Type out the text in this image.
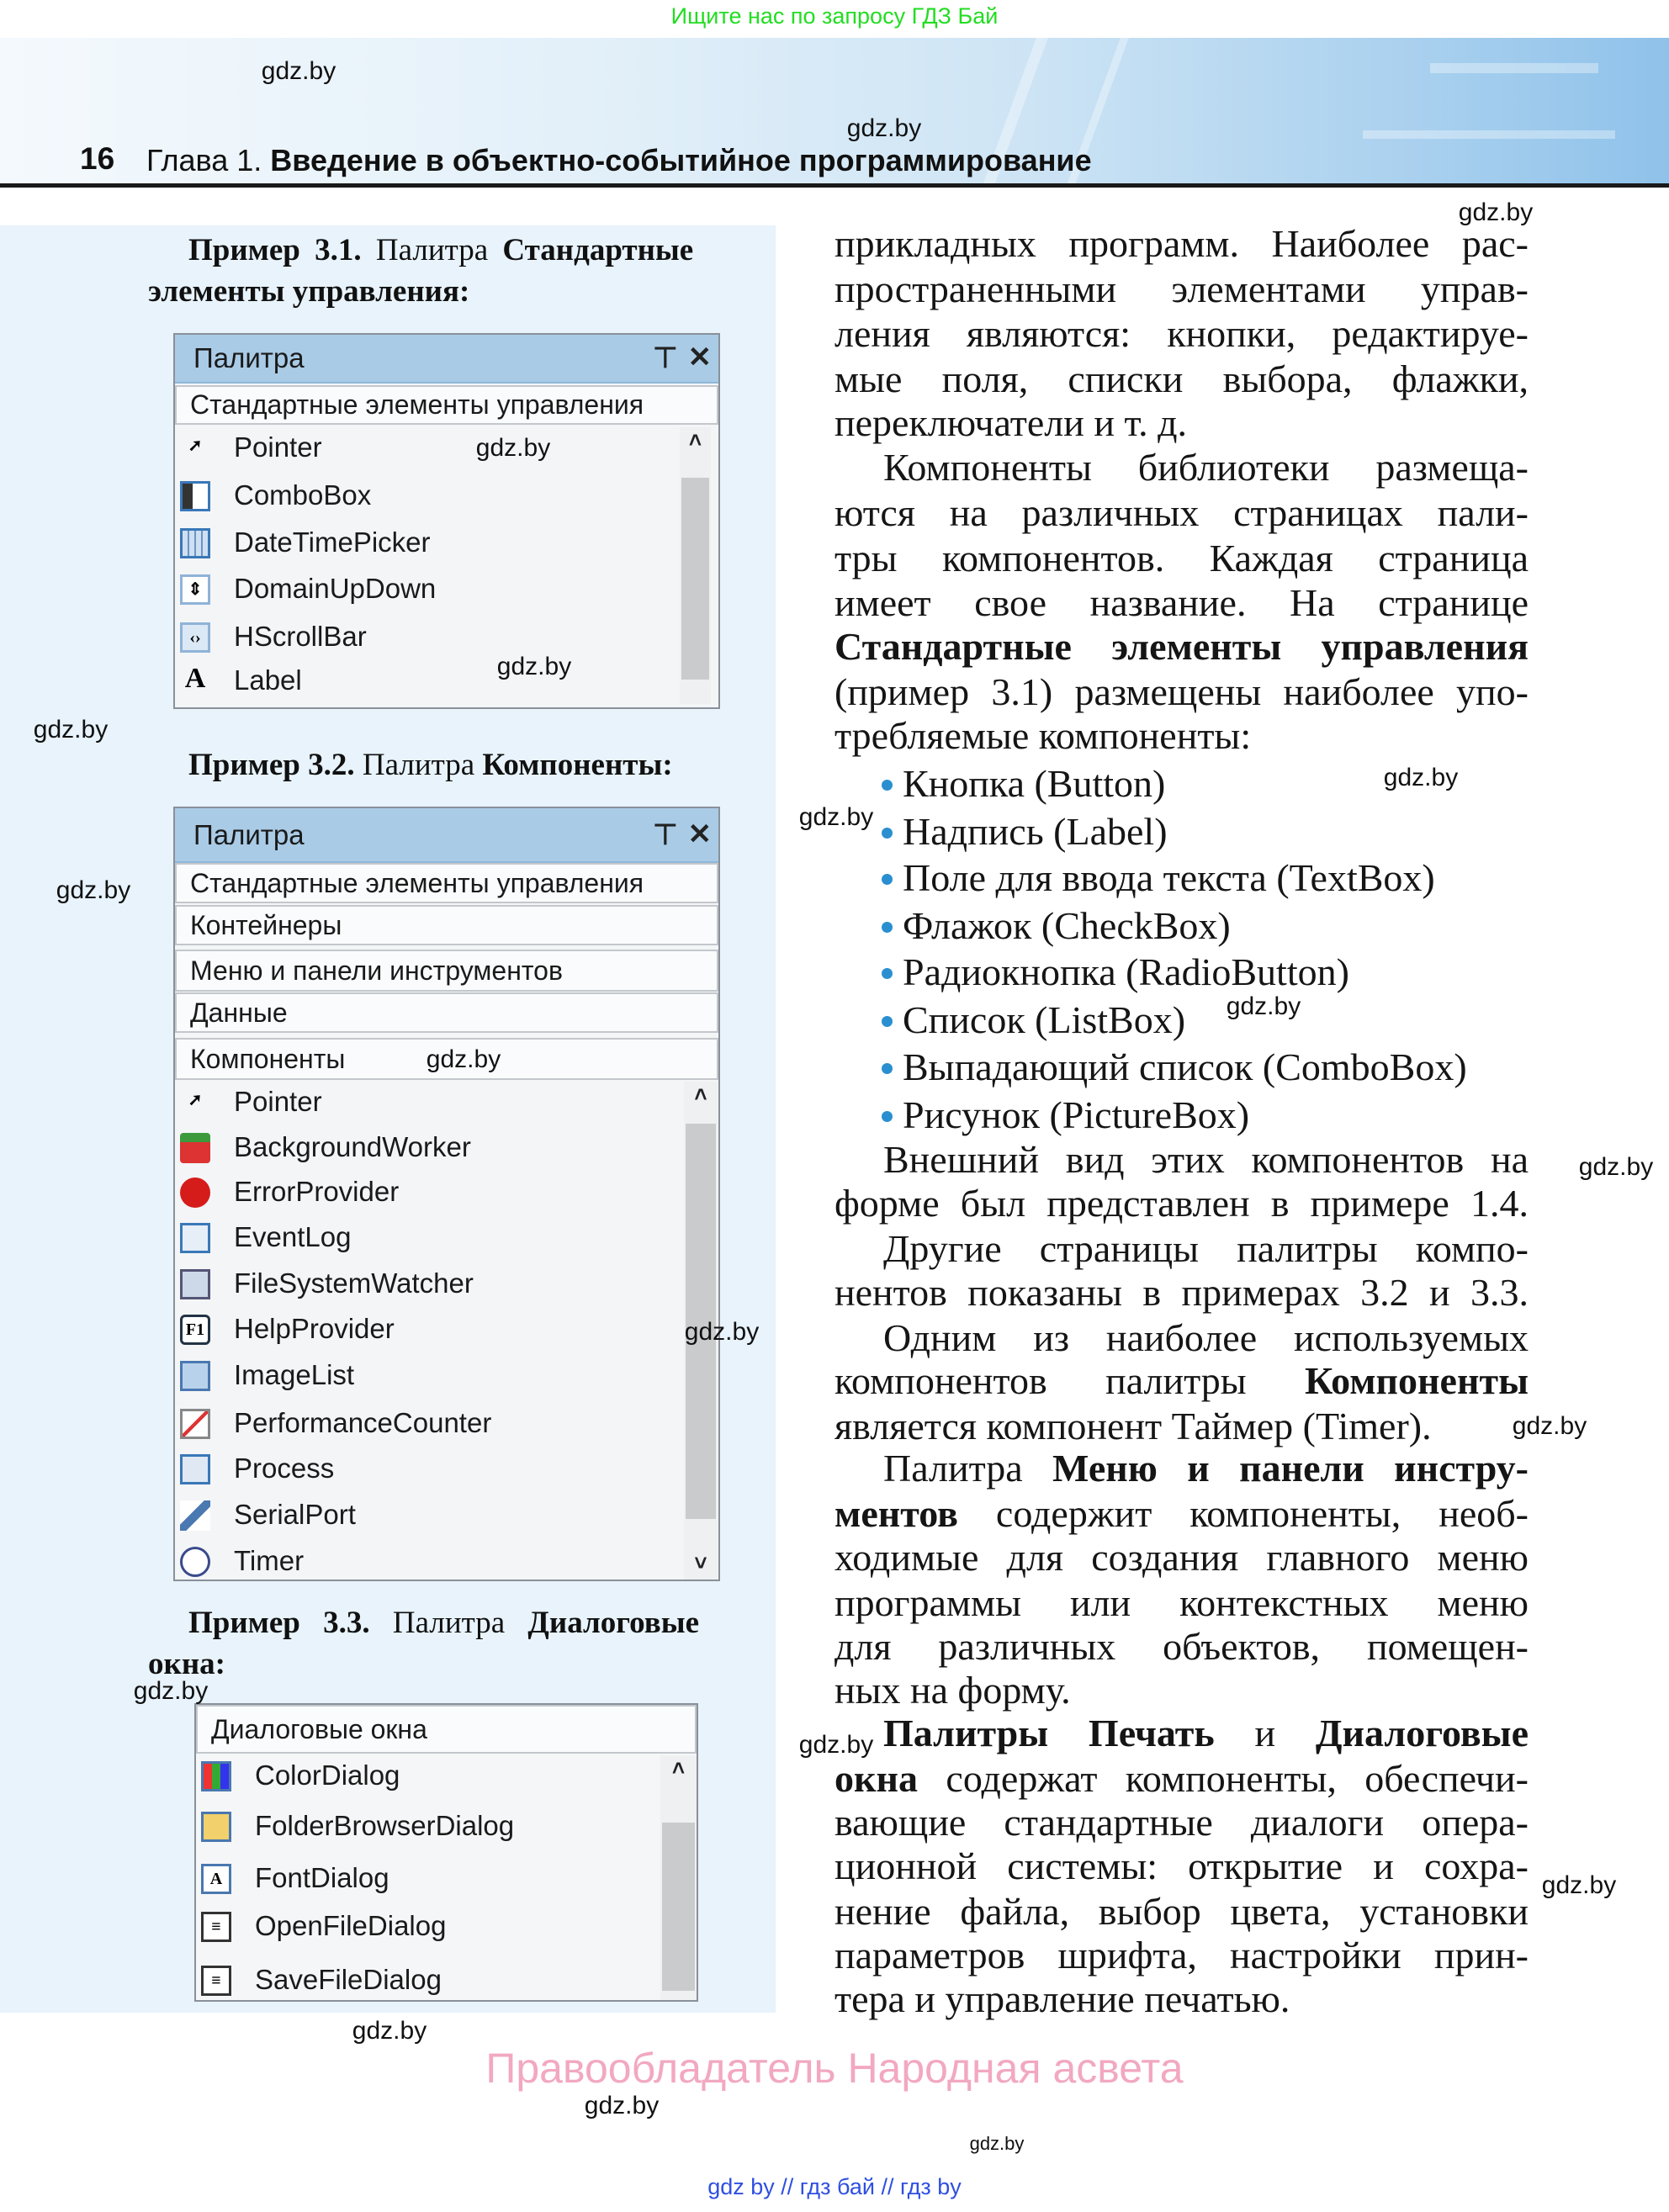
Ищите нас по запросу ГДЗ Бай
16 Глава 1. Введение в объектно-событийное программирование
Пример 3.1. Палитра Стандартные
элементы управления:
Пример 3.2. Палитра Компоненты:
Пример 3.3. Палитра Диалоговые
окна:
Палитра	⊥ ✕
Стандартные элементы управления
➚ Pointer
ComboBox
DateTimePicker
⇕ DomainUpDown
‹›	HScrollBar
A Label
˄
Палитра	⊥ ✕
Стандартные элементы управления
Контейнеры
Меню и панели инструментов
Данные
Компоненты
➚ Pointer
BackgroundWorker
ErrorProvider
EventLog
FileSystemWatcher
F1 HelpProvider
ImageList
PerformanceCounter
Process
SerialPort
Timer
˄
˅
Диалоговые окна
ColorDialog
FolderBrowserDialog
A	FontDialog
≡	OpenFileDialog
≡	SaveFileDialog
˄
прикладных программ. Наиболее рас-
пространенными элементами управ-
ления являются: кнопки, редактируе-
мые поля, списки выбора, флажки,
переключатели и т. д.
Компоненты библиотеки размеща-
ются на различных страницах пали-
тры компонентов. Каждая страница
имеет свое название. На странице
Стандартные элементы управления
(пример 3.1) размещены наиболее упо-
требляемые компоненты:
Кнопка (Button)
Надпись (Label)
Поле для ввода текста (TextBox)
Флажок (CheckBox)
Радиокнопка (RadioButton)
Список (ListBox)
Выпадающий список (ComboBox)
Рисунок (PictureBox)
Внешний вид этих компонентов на
форме был представлен в примере 1.4.
Другие страницы палитры компо-
нентов показаны в примерах 3.2 и 3.3.
Одним из наиболее используемых
компонентов палитры Компоненты
является компонент Таймер (Timer).
Палитра Меню и панели инстру-
ментов содержит компоненты, необ-
ходимые для создания главного меню
программы или контекстных меню
для различных объектов, помещен-
ных на форму.
Палитры Печать и Диалоговые
окна содержат компоненты, обеспечи-
вающие стандартные диалоги опера-
ционной системы: открытие и сохра-
нение файла, выбор цвета, установки
параметров шрифта, настройки прин-
тера и управление печатью.
gdz.by
gdz.by
gdz.by
gdz.by
gdz.by
gdz.by
gdz.by
gdz.by
gdz.by
gdz.by
gdz.by
gdz.by
gdz.by
gdz.by
gdz.by
gdz.by
gdz.by
gdz.by
gdz.by
gdz.by
Правообладатель Народная асвета
gdz by // гдз бай // гдз by
